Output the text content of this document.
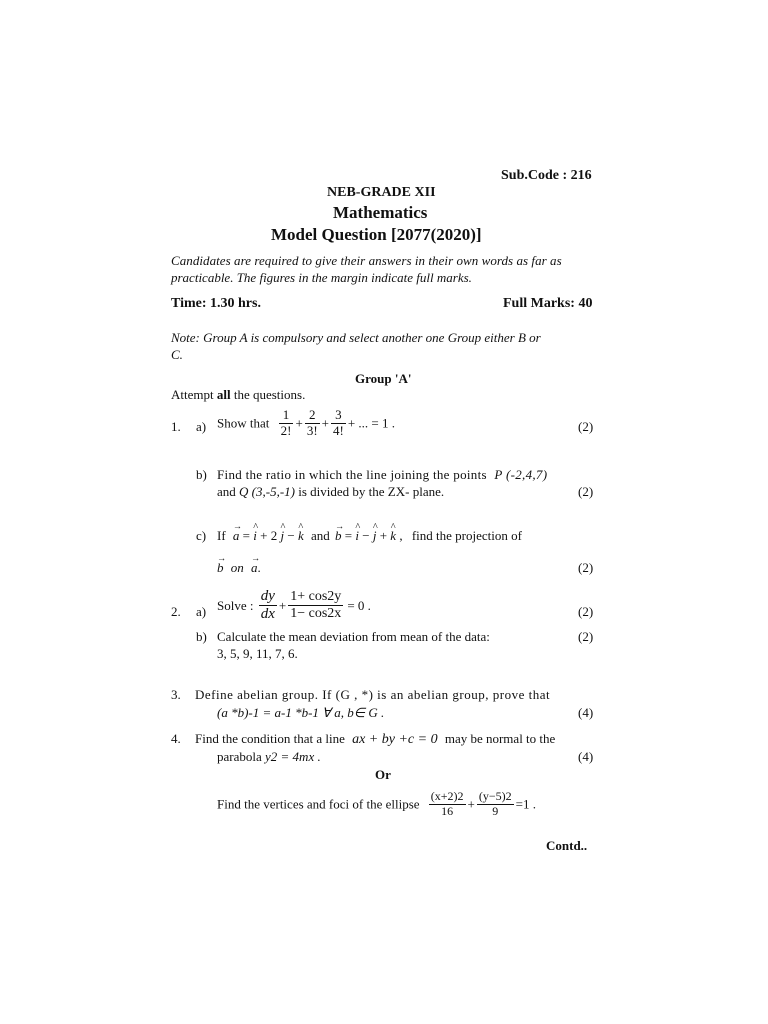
Sub.Code : 216
NEB-GRADE XII
Mathematics
Model Question [2077(2020)]
Candidates are required to give their answers in their own words as far as
practicable. The figures in the margin indicate full marks.
Time: 1.30 hrs.	Full Marks: 40
Note: Group A is compulsory and select another one Group either B or
C.
Group 'A'
Attempt all the questions.
1. a) Show that $\frac{1}{2!} + \frac{2}{3!} + \frac{3}{4!}$ + ... = 1 .	(2)
b) Find the ratio in which the line joining the points P (-2,4,7)
and Q (3,-5,-1) is divided by the ZX- plane.	(2)
c) If → a = ^ i + 2 ^ j − ^ k and → b = ^ i − ^ j + ^ k , find the projection of
→ b on → a.	(2)
2. a) Solve : $\frac{dy}{dx} + \frac{1+ \cos 2y}{1- \cos 2x} = 0$ .	(2)
b) Calculate the mean deviation from mean of the data:
3, 5, 9, 11, 7, 6.
(2)
3. Define abelian group. If (G , *) is an abelian group, prove that
(a *b)-1 = a-1 *b-1 ∀ a, b∈ G .	(4)
4. Find the condition that a line ax + by +c = 0 may be normal to the
parabola y2 = 4mx .	(4)
Or
Find the vertices and foci of the ellipse $\frac{(x+2)2}{16} + \frac{(y-5)2}{9} =1$ .
Contd..
